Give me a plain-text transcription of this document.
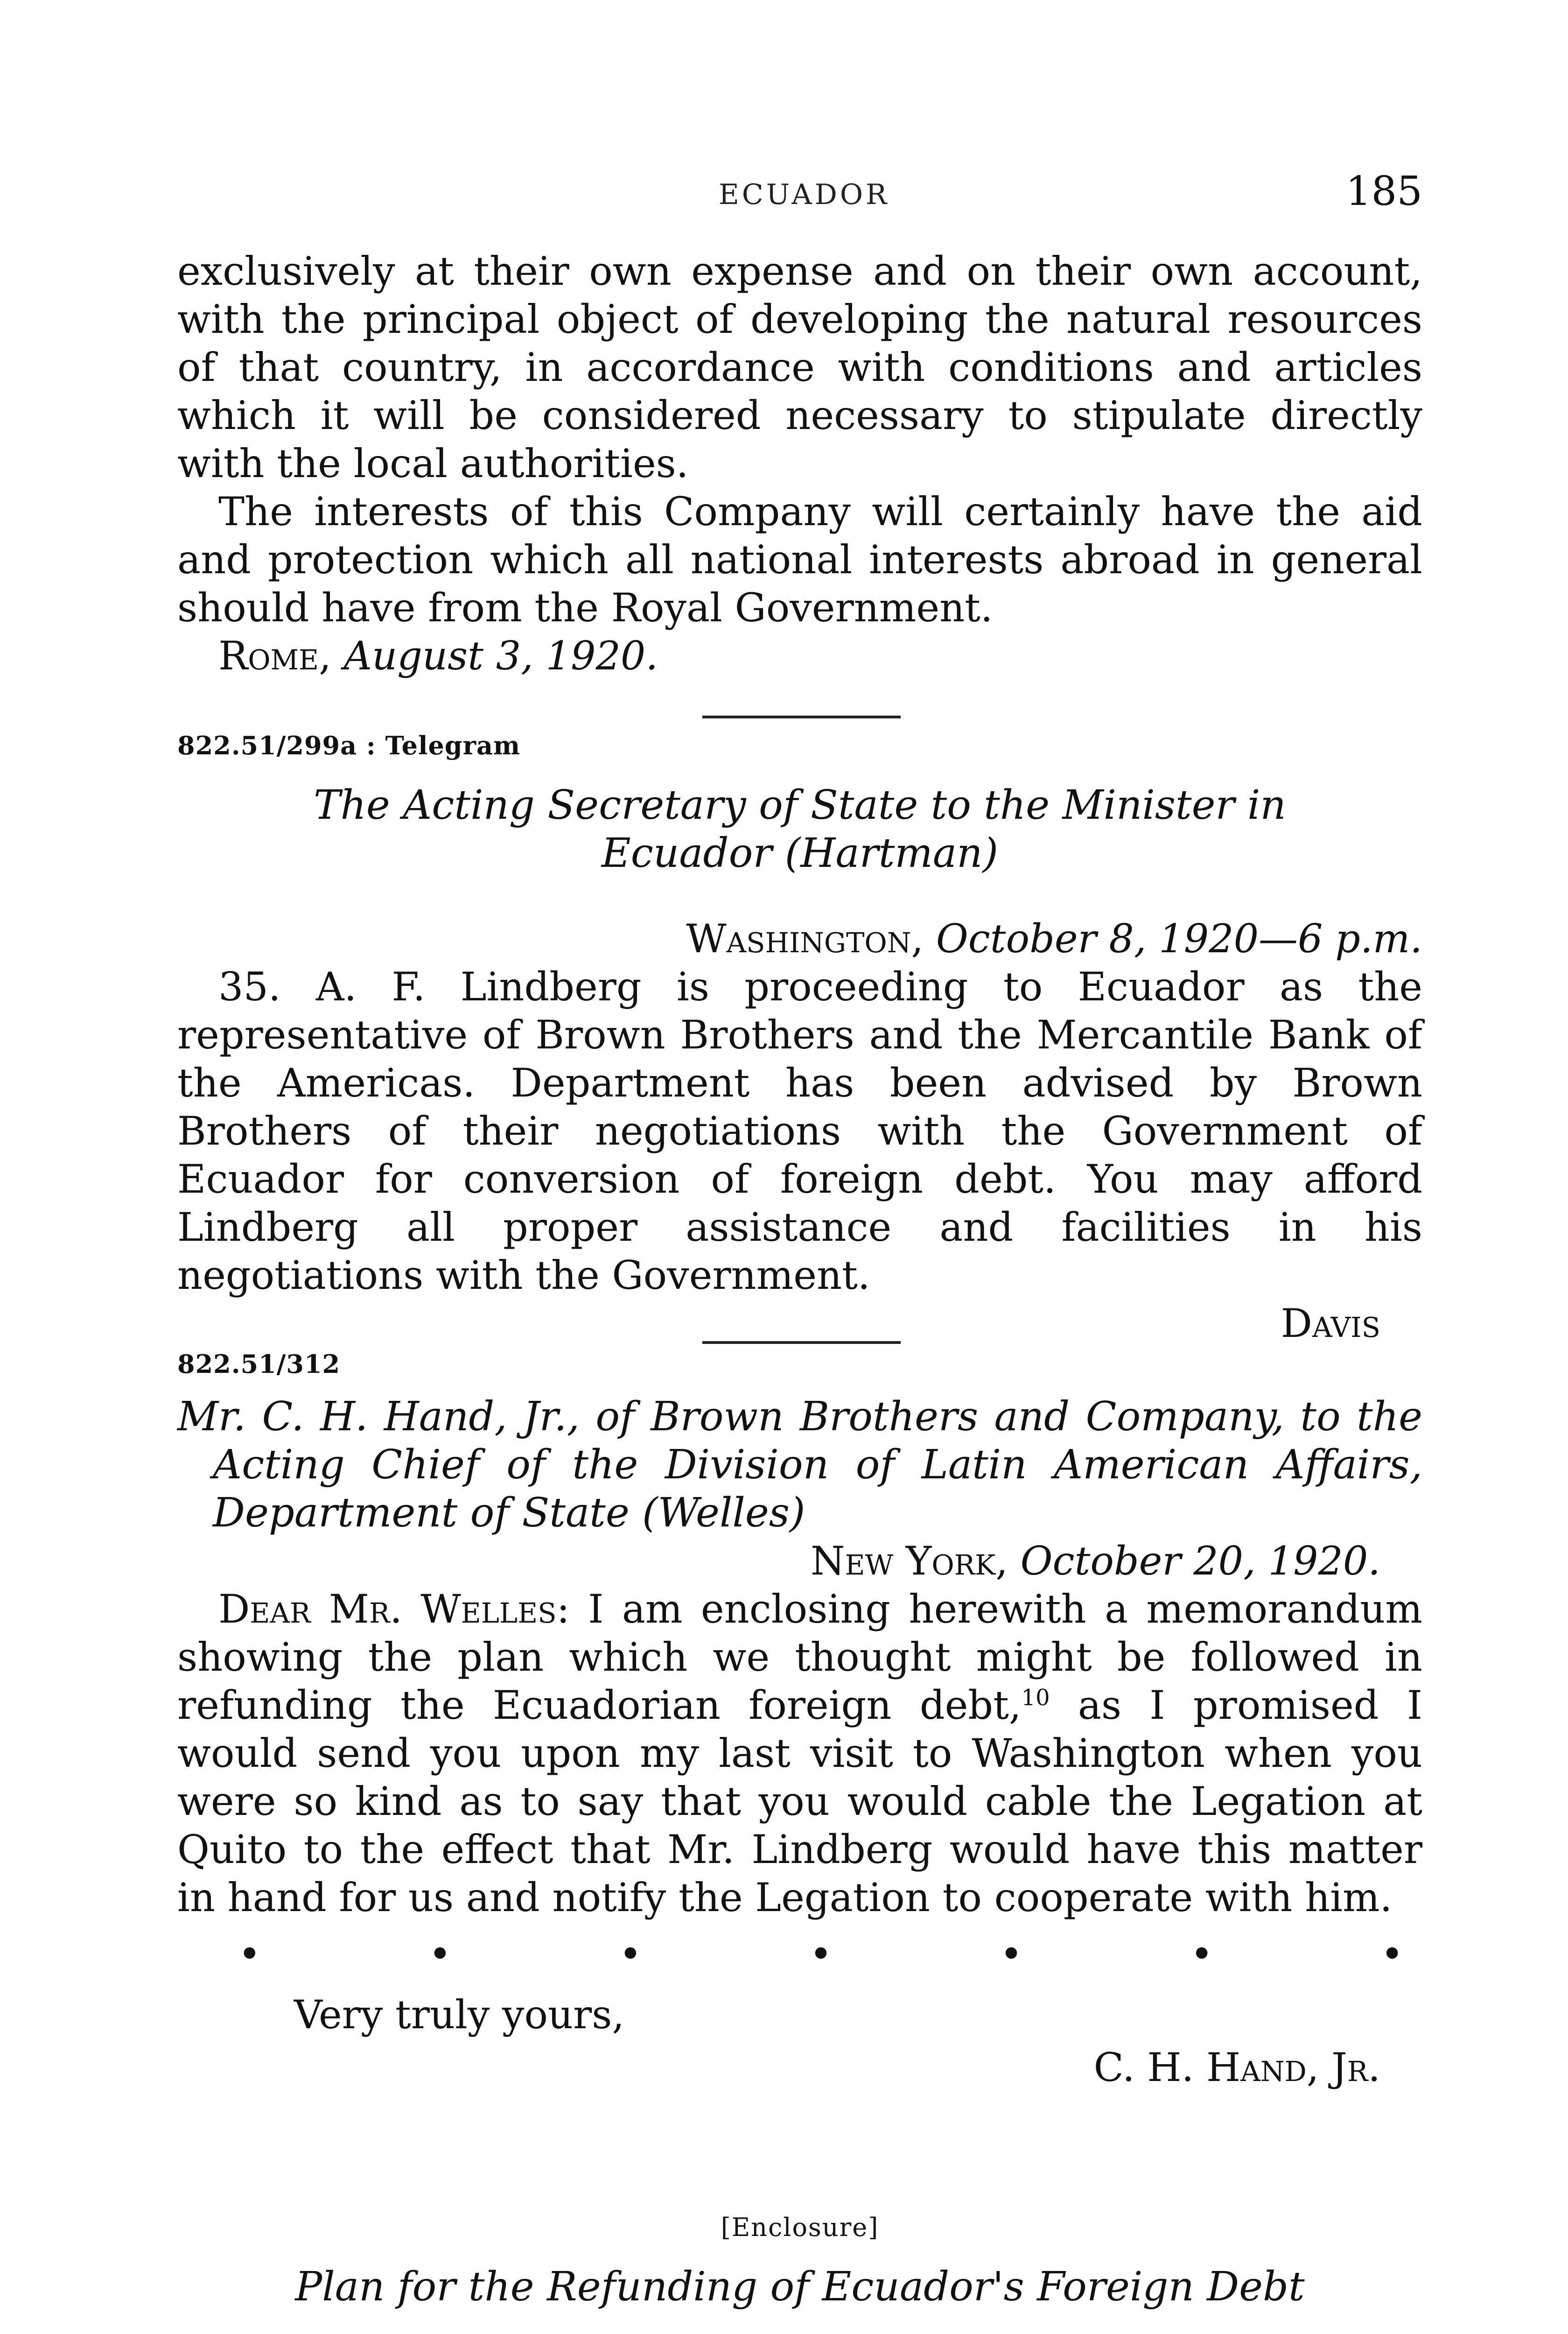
ECUADOR	185

exclusively at their own expense and on their own account, with the principal object of developing the natural resources of that country, in accordance with conditions and articles which it will be considered necessary to stipulate directly with the local authorities.

The interests of this Company will certainly have the aid and protection which all national interests abroad in general should have from the Royal Government.

Rome, August 3, 1920.

822.51/299a : Telegram

The Acting Secretary of State to the Minister in Ecuador (Hartman)

Washington, October 8, 1920—6 p.m.

35. A. F. Lindberg is proceeding to Ecuador as the representative of Brown Brothers and the Mercantile Bank of the Americas. Department has been advised by Brown Brothers of their negotiations with the Government of Ecuador for conversion of foreign debt. You may afford Lindberg all proper assistance and facilities in his negotiations with the Government.

Davis

822.51/312

Mr. C. H. Hand, Jr., of Brown Brothers and Company, to the Acting Chief of the Division of Latin American Affairs, Department of State (Welles)

New York, October 20, 1920.

Dear Mr. Welles: I am enclosing herewith a memorandum showing the plan which we thought might be followed in refunding the Ecuadorian foreign debt,$^{10}$ as I promised I would send you upon my last visit to Washington when you were so kind as to say that you would cable the Legation at Quito to the effect that Mr. Lindberg would have this matter in hand for us and notify the Legation to cooperate with him.

•	•	•	•	•	•	•

Very truly yours,

C. H. Hand, Jr.

[Enclosure]

Plan for the Refunding of Ecuador's Foreign Debt
